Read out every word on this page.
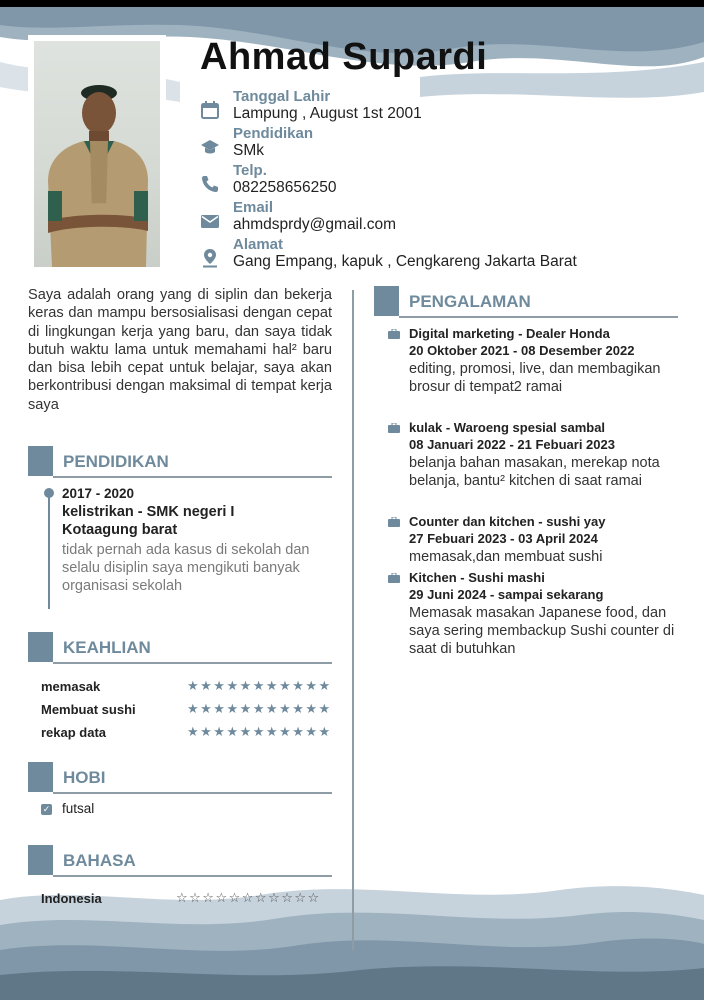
Ahmad Supardi
Tanggal Lahir
Lampung , August 1st 2001
Pendidikan
SMk
Telp.
082258656250
Email
ahmdsprdy@gmail.com
Alamat
Gang Empang, kapuk , Cengkareng Jakarta Barat
Saya adalah orang yang di siplin dan bekerja keras dan mampu bersosialisasi dengan cepat di lingkungan kerja yang baru, dan saya tidak butuh waktu lama untuk memahami hal² baru dan bisa lebih cepat untuk belajar, saya akan berkontribusi dengan maksimal di tempat kerja saya
PENDIDIKAN
2017 - 2020
kelistrikan - SMK negeri I Kotaagung barat
tidak pernah ada kasus di sekolah dan selalu disiplin saya mengikuti banyak organisasi sekolah
KEAHLIAN
memasak	★★★★★★★★★★★
Membuat sushi	★★★★★★★★★★★
rekap data	★★★★★★★★★★★
HOBI
✓ futsal
BAHASA
Indonesia	☆☆☆☆☆☆☆☆☆☆☆
PENGALAMAN
Digital marketing - Dealer Honda
20 Oktober 2021 - 08 Desember 2022
editing, promosi, live, dan membagikan brosur di tempat2 ramai
kulak - Waroeng spesial sambal
08 Januari 2022 - 21 Febuari 2023
belanja bahan masakan, merekap nota belanja, bantu² kitchen di saat ramai
Counter dan kitchen - sushi yay
27 Febuari 2023 - 03 April 2024
memasak,dan membuat sushi
Kitchen - Sushi mashi
29 Juni 2024 - sampai sekarang
Memasak masakan Japanese food, dan saya sering membackup Sushi counter di saat di butuhkan
